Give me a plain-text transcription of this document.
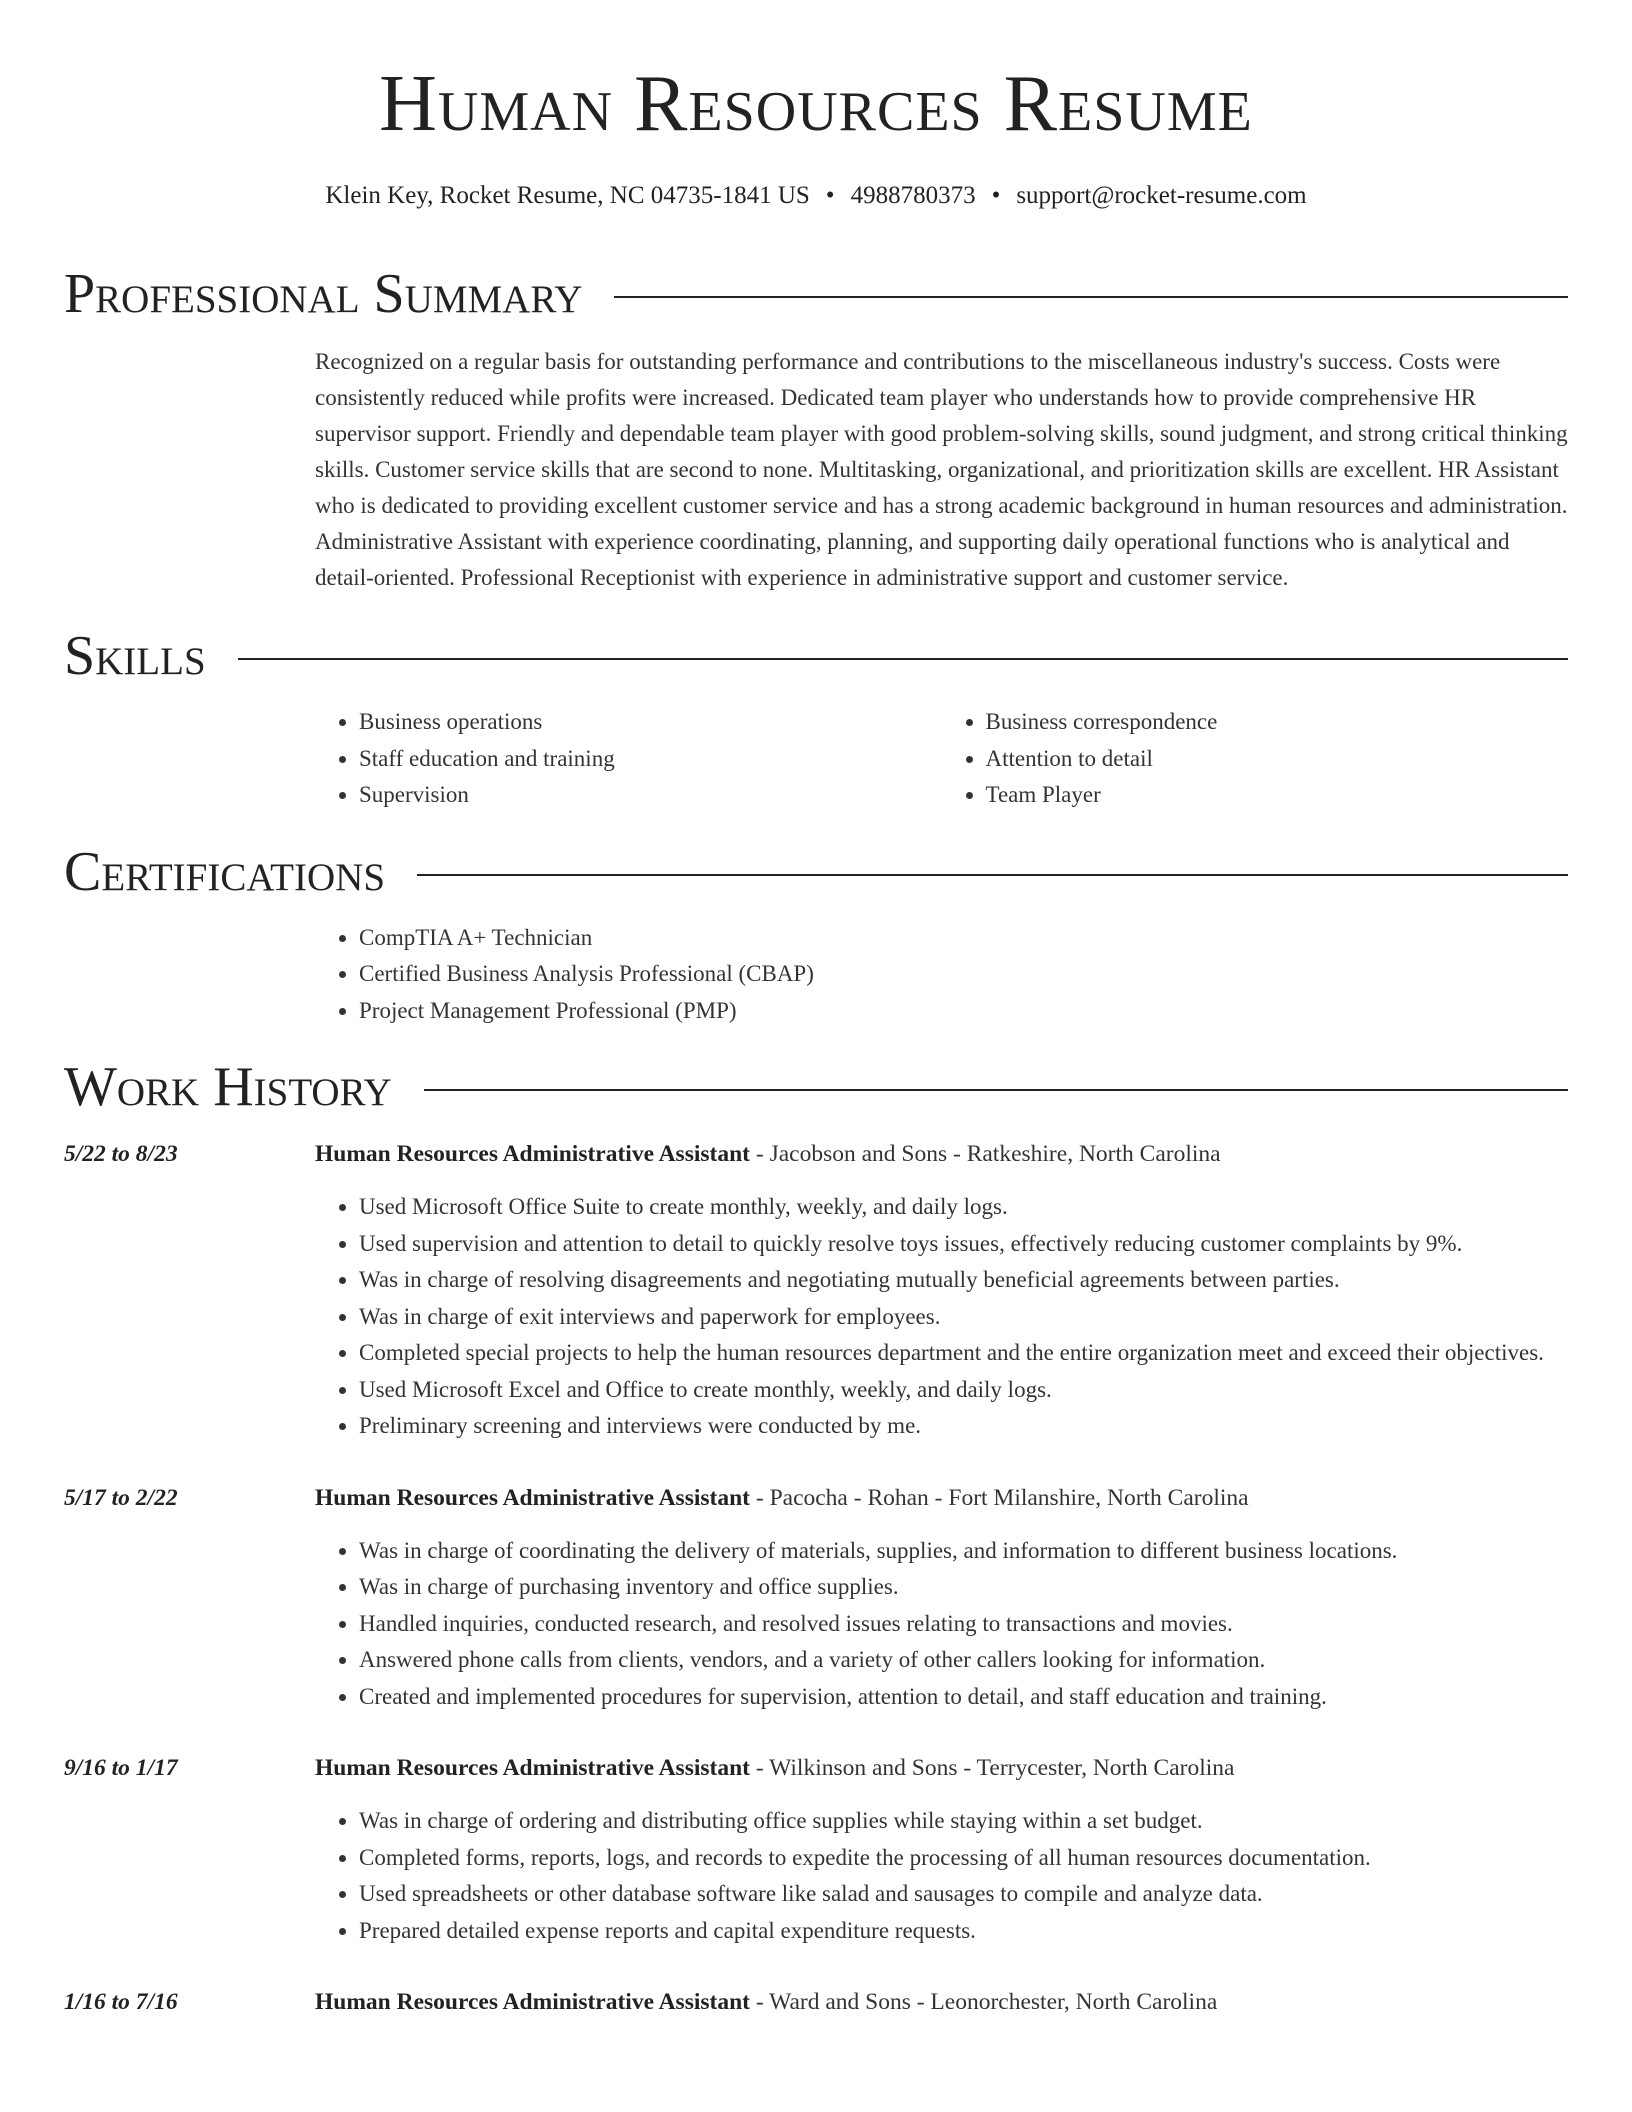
Human Resources Resume
Klein Key, Rocket Resume, NC 04735-1841 US • 4988780373 • support@rocket-resume.com
Professional Summary

Recognized on a regular basis for outstanding performance and contributions to the miscellaneous industry's success. Costs were consistently reduced while profits were increased. Dedicated team player who understands how to provide comprehensive HR supervisor support. Friendly and dependable team player with good problem-solving skills, sound judgment, and strong critical thinking skills. Customer service skills that are second to none. Multitasking, organizational, and prioritization skills are excellent. HR Assistant who is dedicated to providing excellent customer service and has a strong academic background in human resources and administration. Administrative Assistant with experience coordinating, planning, and supporting daily operational functions who is analytical and detail-oriented. Professional Receptionist with experience in administrative support and customer service.

Skills
• Business operations
• Staff education and training
• Supervision
• Business correspondence
• Attention to detail
• Team Player
Certifications
• CompTIA A+ Technician
• Certified Business Analysis Professional (CBAP)
• Project Management Professional (PMP)
Work History
5/22 to 8/23	Human Resources Administrative Assistant - Jacobson and Sons - Ratkeshire, North Carolina
• Used Microsoft Office Suite to create monthly, weekly, and daily logs.
• Used supervision and attention to detail to quickly resolve toys issues, effectively reducing customer complaints by 9%.
• Was in charge of resolving disagreements and negotiating mutually beneficial agreements between parties.
• Was in charge of exit interviews and paperwork for employees.
• Completed special projects to help the human resources department and the entire organization meet and exceed their objectives.
• Used Microsoft Excel and Office to create monthly, weekly, and daily logs.
• Preliminary screening and interviews were conducted by me.
5/17 to 2/22	Human Resources Administrative Assistant - Pacocha - Rohan - Fort Milanshire, North Carolina
• Was in charge of coordinating the delivery of materials, supplies, and information to different business locations.
• Was in charge of purchasing inventory and office supplies.
• Handled inquiries, conducted research, and resolved issues relating to transactions and movies.
• Answered phone calls from clients, vendors, and a variety of other callers looking for information.
• Created and implemented procedures for supervision, attention to detail, and staff education and training.
9/16 to 1/17	Human Resources Administrative Assistant - Wilkinson and Sons - Terrycester, North Carolina
• Was in charge of ordering and distributing office supplies while staying within a set budget.
• Completed forms, reports, logs, and records to expedite the processing of all human resources documentation.
• Used spreadsheets or other database software like salad and sausages to compile and analyze data.
• Prepared detailed expense reports and capital expenditure requests.
1/16 to 7/16	Human Resources Administrative Assistant - Ward and Sons - Leonorchester, North Carolina
